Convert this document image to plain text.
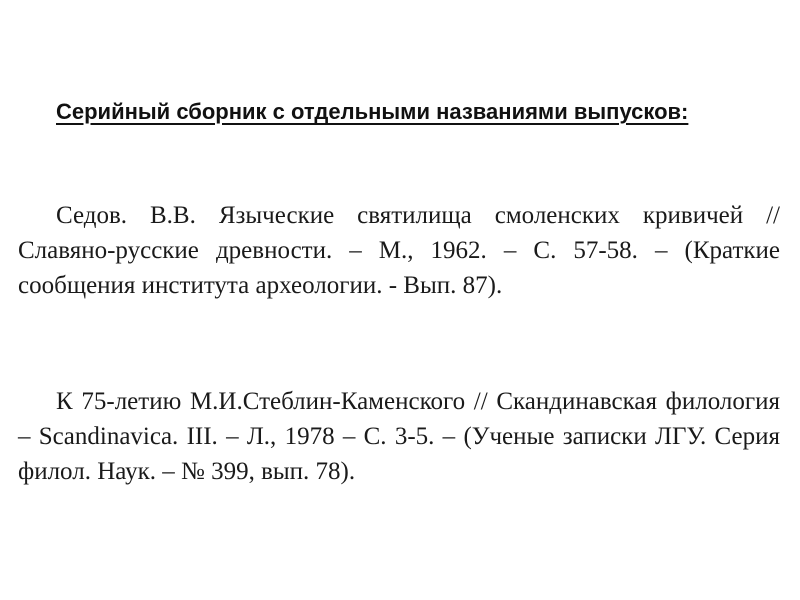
Серийный сборник с отдельными названиями выпусков:

Седов. В.В. Языческие святилища смоленских кривичей // Славяно-русские древности. – М., 1962. – С. 57-58. – (Краткие сообщения института археологии. - Вып. 87).

К 75-летию М.И.Стеблин-Каменского // Скандинавская филология – Scandinavica. III. – Л., 1978 – С. 3-5. – (Ученые записки ЛГУ. Серия филол. Наук. – № 399, вып. 78).
